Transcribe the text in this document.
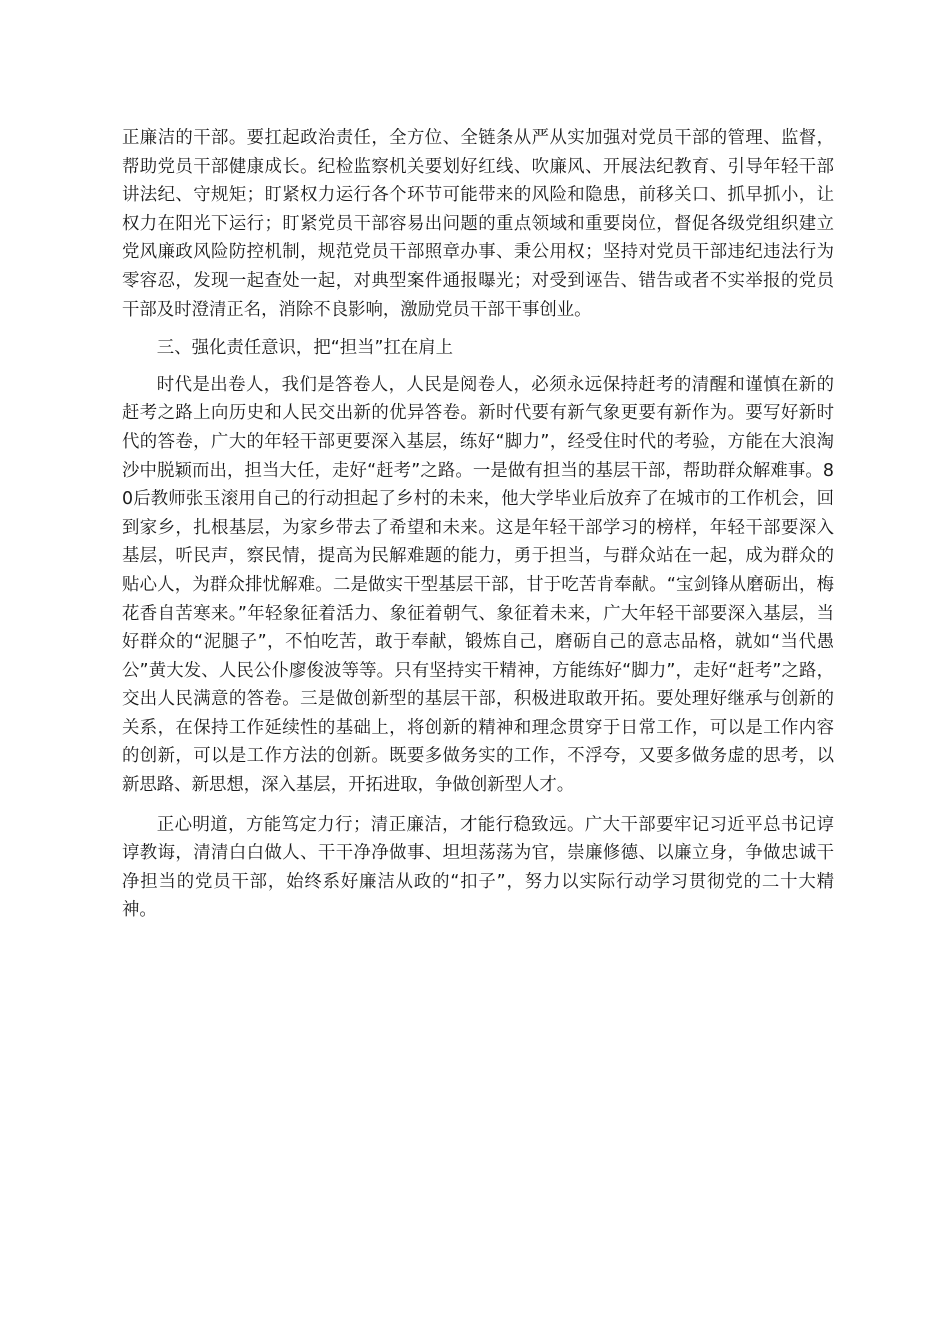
正廉洁的干部。要扛起政治责任，全方位、全链条从严从实加强对党员干部的管理、监督，帮助党员干部健康成长。纪检监察机关要划好红线、吹廉风、开展法纪教育、引导年轻干部讲法纪、守规矩；盯紧权力运行各个环节可能带来的风险和隐患，前移关口、抓早抓小，让权力在阳光下运行；盯紧党员干部容易出问题的重点领域和重要岗位，督促各级党组织建立党风廉政风险防控机制，规范党员干部照章办事、秉公用权；坚持对党员干部违纪违法行为零容忍，发现一起查处一起，对典型案件通报曝光；对受到诬告、错告或者不实举报的党员干部及时澄清正名，消除不良影响，激励党员干部干事创业。

三、强化责任意识，把“担当”扛在肩上

时代是出卷人，我们是答卷人，人民是阅卷人，必须永远保持赶考的清醒和谨慎在新的赶考之路上向历史和人民交出新的优异答卷。新时代要有新气象更要有新作为。要写好新时代的答卷，广大的年轻干部更要深入基层，练好“脚力”，经受住时代的考验，方能在大浪淘沙中脱颖而出，担当大任，走好“赶考”之路。一是做有担当的基层干部，帮助群众解难事。80后教师张玉滚用自己的行动担起了乡村的未来，他大学毕业后放弃了在城市的工作机会，回到家乡，扎根基层，为家乡带去了希望和未来。这是年轻干部学习的榜样，年轻干部要深入基层，听民声，察民情，提高为民解难题的能力，勇于担当，与群众站在一起，成为群众的贴心人，为群众排忧解难。二是做实干型基层干部，甘于吃苦肯奉献。“宝剑锋从磨砺出，梅花香自苦寒来。”年轻象征着活力、象征着朝气、象征着未来，广大年轻干部要深入基层，当好群众的“泥腿子”，不怕吃苦，敢于奉献，锻炼自己，磨砺自己的意志品格，就如“当代愚公”黄大发、人民公仆廖俊波等等。只有坚持实干精神，方能练好“脚力”，走好“赶考”之路，交出人民满意的答卷。三是做创新型的基层干部，积极进取敢开拓。要处理好继承与创新的关系，在保持工作延续性的基础上，将创新的精神和理念贯穿于日常工作，可以是工作内容的创新，可以是工作方法的创新。既要多做务实的工作，不浮夸，又要多做务虚的思考，以新思路、新思想，深入基层，开拓进取，争做创新型人才。

正心明道，方能笃定力行；清正廉洁，才能行稳致远。广大干部要牢记习近平总书记谆谆教诲，清清白白做人、干干净净做事、坦坦荡荡为官，崇廉修德、以廉立身，争做忠诚干净担当的党员干部，始终系好廉洁从政的“扣子”，努力以实际行动学习贯彻党的二十大精神。
